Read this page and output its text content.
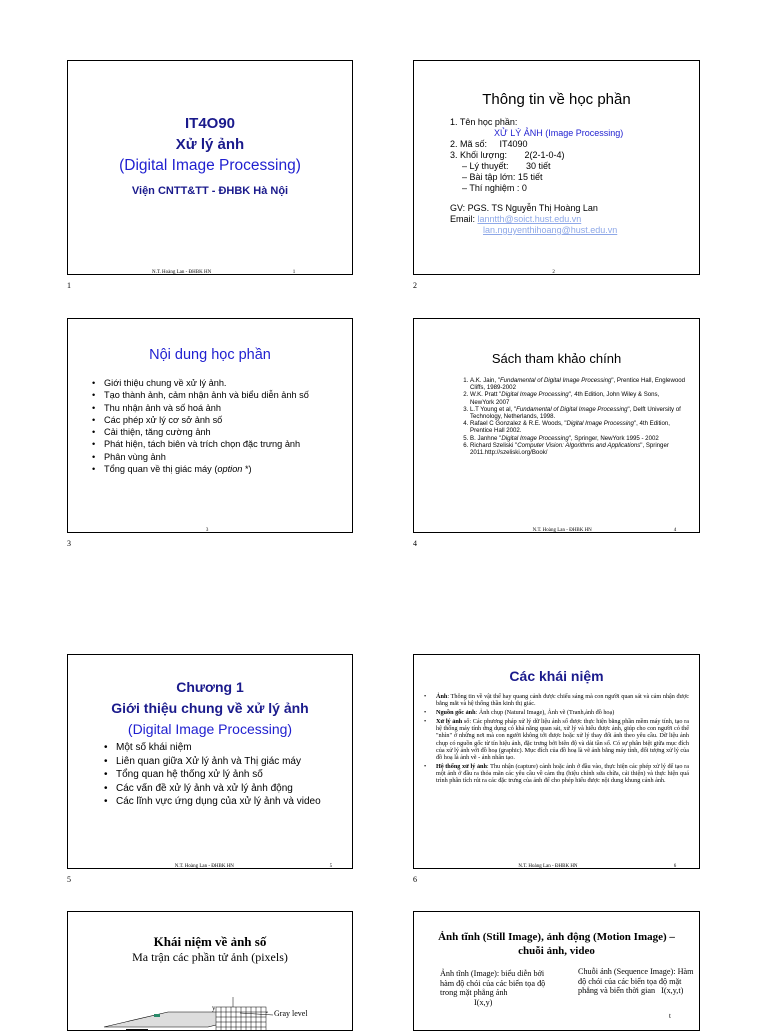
IT4O90
Xử lý ảnh
(Digital Image Processing)
Viện CNTT&TT - ĐHBK Hà Nội
N.T. Hoàng Lan - ĐHBK HN	1
1
Thông tin về học phần
1. Tên học phần:
XỬ LÝ ẢNH (Image Processing)
2. Mã số:     IT4090
3. Khối lượng:       2(2-1-0-4)
– Lý thuyết:       30 tiết
– Bài tập lớn: 15 tiết
– Thí nghiệm : 0
GV: PGS. TS Nguyễn Thị Hoàng Lan
Email: lanntth@soict.hust.edu.vn
lan.nguyenthihoang@hust.edu.vn
2
2
Nội dung học phần
• Giới thiệu chung về xử lý ảnh.
• Tạo thành ảnh, cảm nhận ảnh và biểu diễn ảnh số
• Thu nhận ảnh và số hoá ảnh
• Các phép xử lý cơ sở ảnh số
• Cải thiện, tăng cường ảnh
• Phát hiện, tách biên và trích chọn đặc trưng ảnh
• Phân vùng ảnh
• Tổng quan về thị giác máy (option *)
3
3
Sách tham khảo chính
1. A.K. Jain, "Fundamental of Digital Image Processing", Prentice Hall, Englewood Cliffs, 1989-2002
2. W.K. Pratt "Digital Image Processing", 4th Edition, John Wiley & Sons, NewYork 2007
3. L.T Young et al, "Fundamental of Digital Image Processing", Delft University of Technology, Netherlands, 1998.
4. Rafael C Gonzalez & R.E. Woods, "Digital Image Processing", 4th Edition, Prentice Hall 2002.
5. B. Janhne "Digital Image Processing", Springer, NewYork 1995 - 2002
6. Richard Szeliski "Computer Vision: Algorithms and Applications", Springer 2011.http://szeliski.org/Book/
N.T. Hoàng Lan - ĐHBK HN	4
4
Chương 1
Giới thiệu chung về xử lý ảnh
(Digital Image Processing)
• Một số khái niệm
• Liên quan giữa Xử lý ảnh và Thị giác máy
• Tổng quan hệ thống xử lý ảnh số
• Các vấn đề xử lý ảnh và xử lý ảnh động
• Các lĩnh vực ứng dụng của xử lý ảnh và video
N.T. Hoàng Lan - ĐHBK HN	5
5
Các khái niệm
• Ảnh: Thông tin về vật thể hay quang cảnh được chiếu sáng mà con người quan sát và cảm nhận được bằng mắt và hệ thống thần kinh thị giác.
• Nguồn gốc ảnh: Ảnh chụp (Natural Image), Ảnh vẽ (Tranh,ảnh đồ hoạ)
• Xử lý ảnh số: Các phương pháp xử lý dữ liệu ảnh số được thực hiện bằng phần mềm máy tính, tạo ra hệ thống máy tính ứng dụng có khả năng quan sát, xử lý và hiểu được ảnh, giúp cho con người có thể "nhìn" ở những nơi mà con người không tới được hoặc xử lý thay đổi ảnh theo yêu cầu. Dữ liệu ảnh chụp có nguồn gốc từ tín hiệu ảnh, đặc trưng bởi biên độ và dải tần số. Có sự phân biệt giữa mục đích của xử lý ảnh với đồ hoạ (graphic). Mục đích của đồ hoạ là vẽ ảnh bằng máy tính, đối tượng xử lý của đồ hoạ là ảnh vẽ - ảnh nhân tạo.
• Hệ thống xử lý ảnh: Thu nhận (capture) cảnh hoặc ảnh ở đầu vào, thực hiện các phép xử lý để tạo ra một ảnh ở đầu ra thỏa mãn các yêu cầu về cảm thụ (hiệu chỉnh sửa chữa, cải thiện) và thực hiện quá trình phân tích rút ra các đặc trưng của ảnh để cho phép hiểu được nội dung khung cảnh ảnh.
N.T. Hoàng Lan - ĐHBK HN	6
6
Khái niệm về ảnh số
Ma trận các phần tử ảnh (pixels)
y
Gray level
Ảnh tĩnh (Still Image), ảnh động (Motion Image) – chuỗi ảnh, video
Ảnh tĩnh (Image): biểu diễn bởi hàm độ chói của các biến tọa độ trong mặt phẳng ảnh
I(x,y)
Chuỗi ảnh (Sequence Image): Hàm độ chói của các biến tọa độ mặt phẳng và biến thời gian I(x,y,t)
t
